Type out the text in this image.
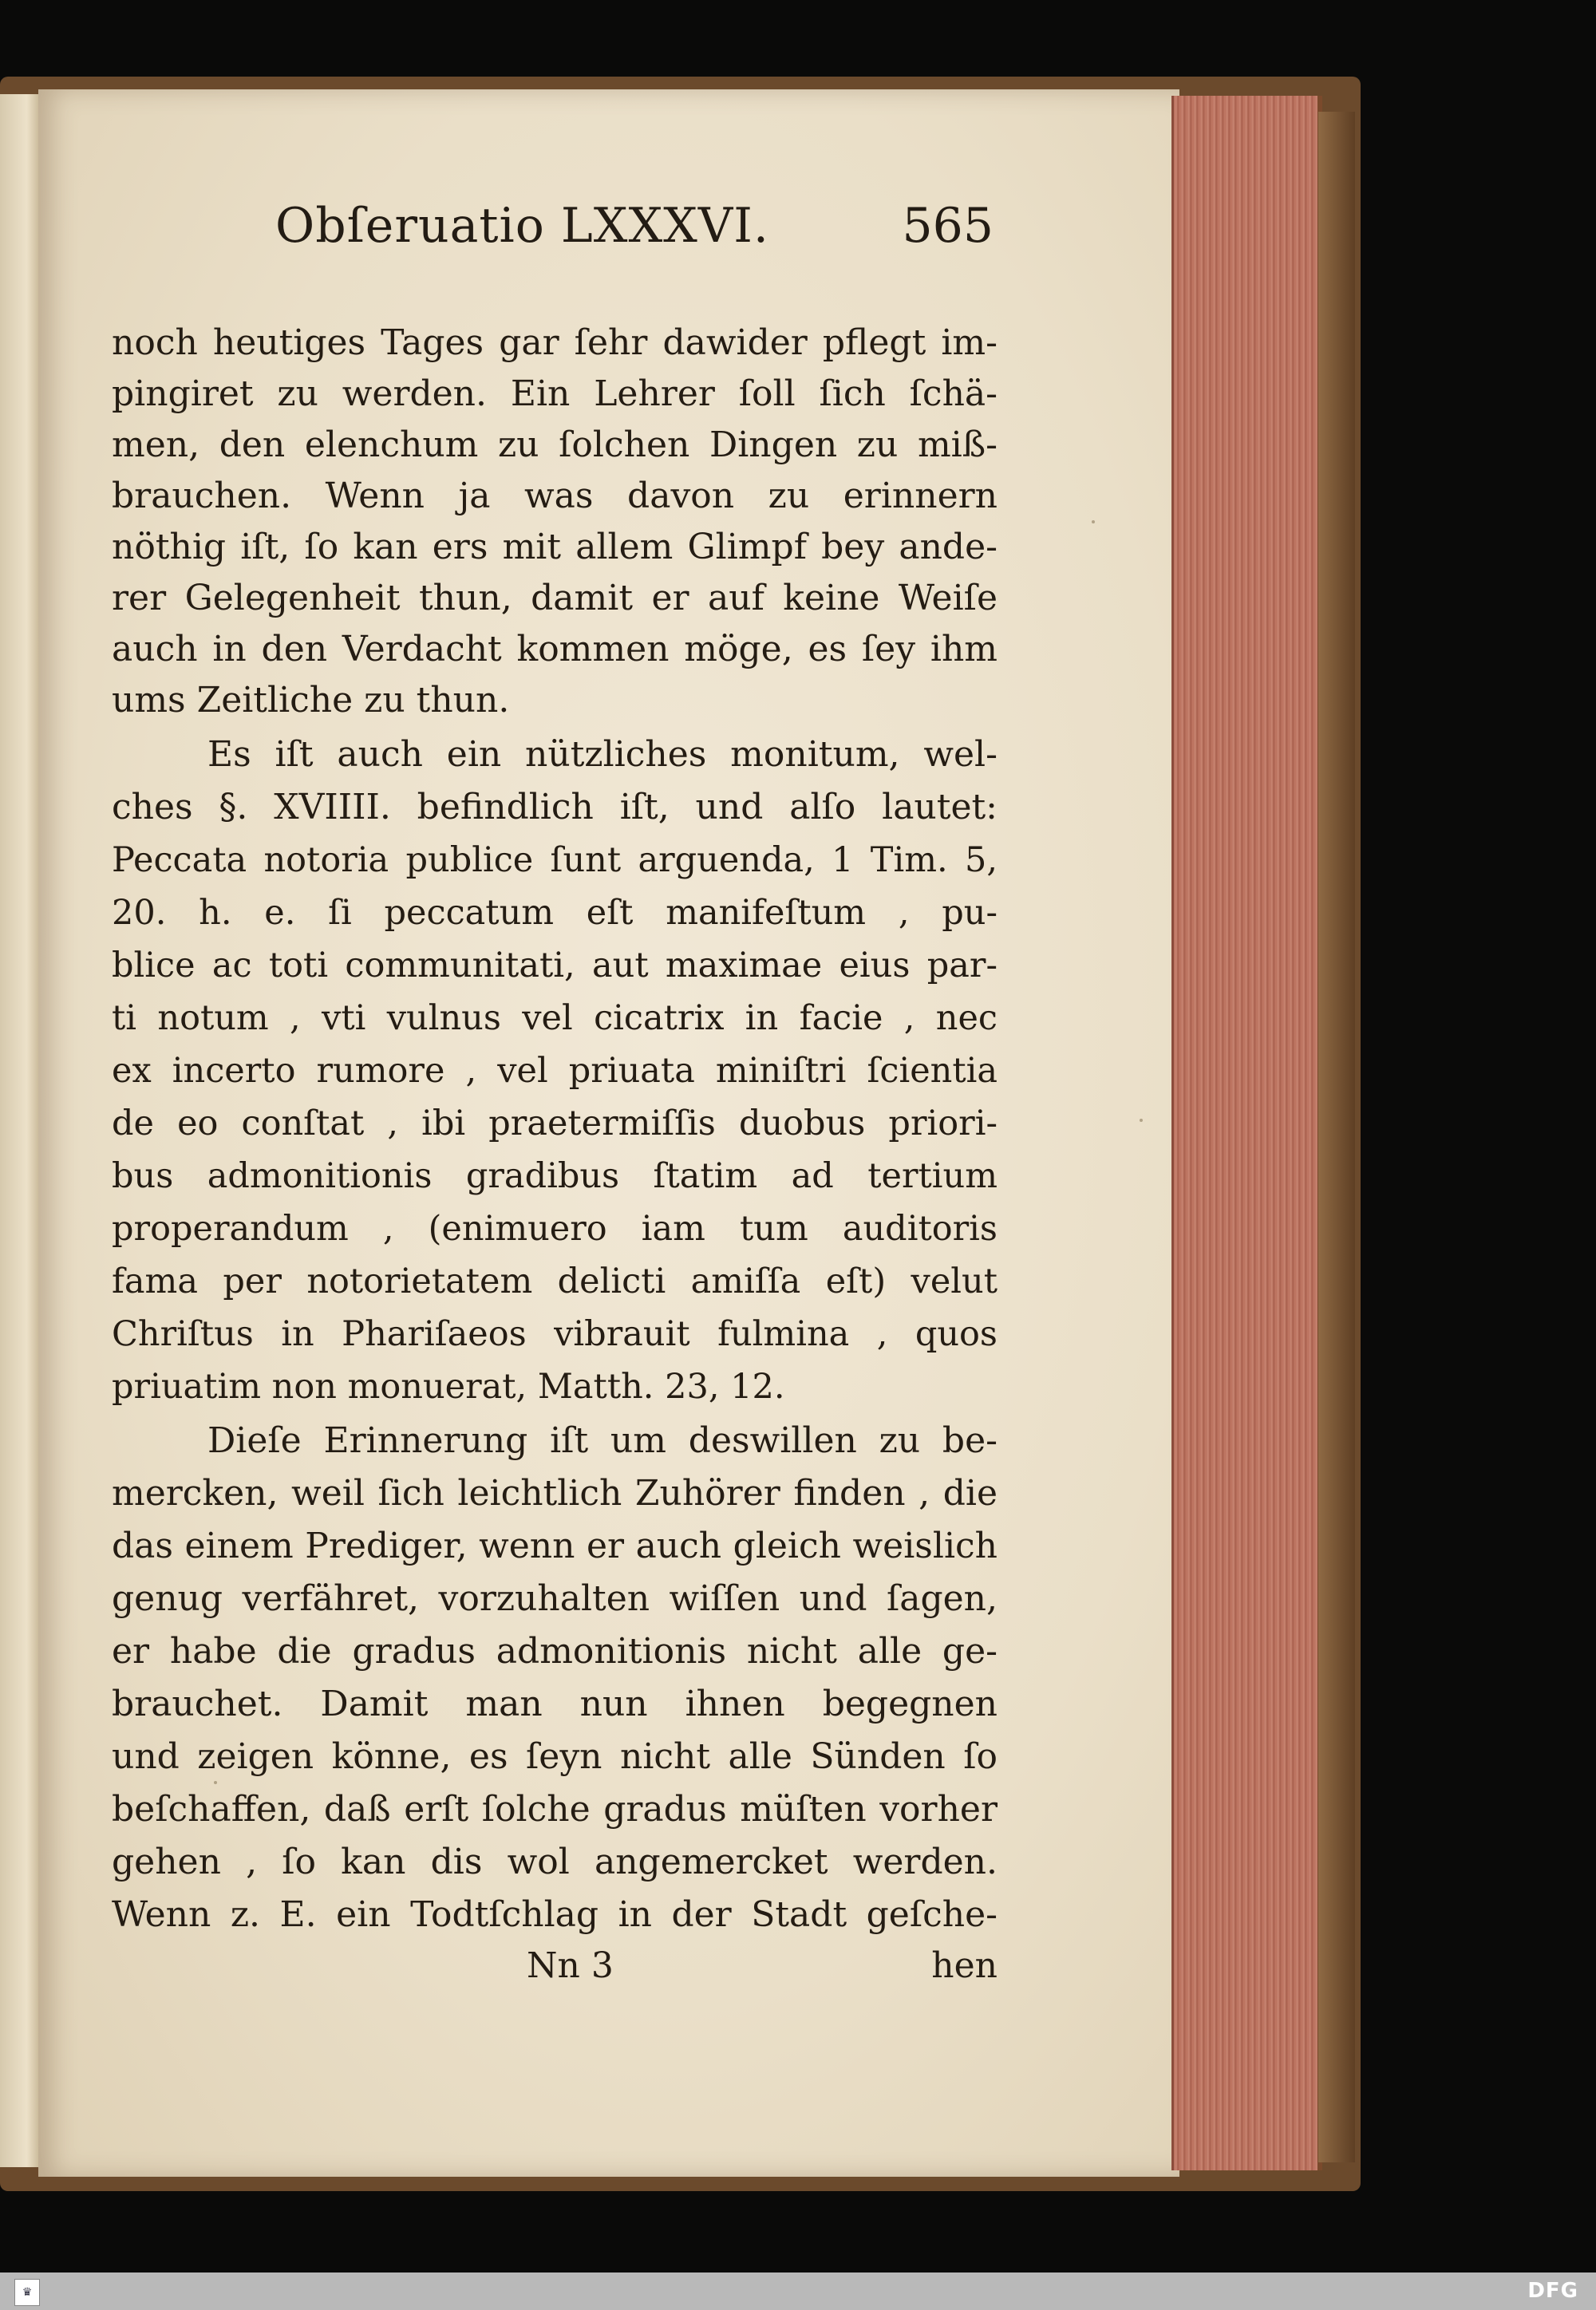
Obſeruatio LXXXVI.	565
noch heutiges Tages gar ſehr dawider pflegt im-
pingiret zu werden. Ein Lehrer ſoll ſich ſchä-
men, den elenchum zu ſolchen Dingen zu miß-
brauchen. Wenn ja was davon zu erinnern
nöthig iſt, ſo kan ers mit allem Glimpf bey ande-
rer Gelegenheit thun, damit er auf keine Weiſe
auch in den Verdacht kommen möge, es ſey ihm
ums Zeitliche zu thun.
Es iſt auch ein nützliches monitum, wel-
ches §. XVIIII. befindlich iſt, und alſo lautet:
Peccata notoria publice ſunt arguenda, 1 Tim. 5,
20. h. e. ſi peccatum eſt manifeſtum , pu-
blice ac toti communitati, aut maximae eius par-
ti notum , vti vulnus vel cicatrix in facie , nec
ex incerto rumore , vel priuata miniſtri ſcientia
de eo conſtat , ibi praetermiſſis duobus priori-
bus admonitionis gradibus ſtatim ad tertium
properandum , (enimuero iam tum auditoris
fama per notorietatem delicti amiſſa eſt) velut
Chriſtus in Phariſaeos vibrauit fulmina , quos
priuatim non monuerat, Matth. 23, 12.
Dieſe Erinnerung iſt um deswillen zu be-
mercken, weil ſich leichtlich Zuhörer finden , die
das einem Prediger, wenn er auch gleich weislich
genug verfähret, vorzuhalten wiſſen und ſagen,
er habe die gradus admonitionis nicht alle ge-
brauchet. Damit man nun ihnen begegnen
und zeigen könne, es ſeyn nicht alle Sünden ſo
beſchaffen, daß erſt ſolche gradus müſten vorher
gehen , ſo kan dis wol angemercket werden.
Wenn z. E. ein Todtſchlag in der Stadt geſche-
Nn 3	hen
♛	DFG
